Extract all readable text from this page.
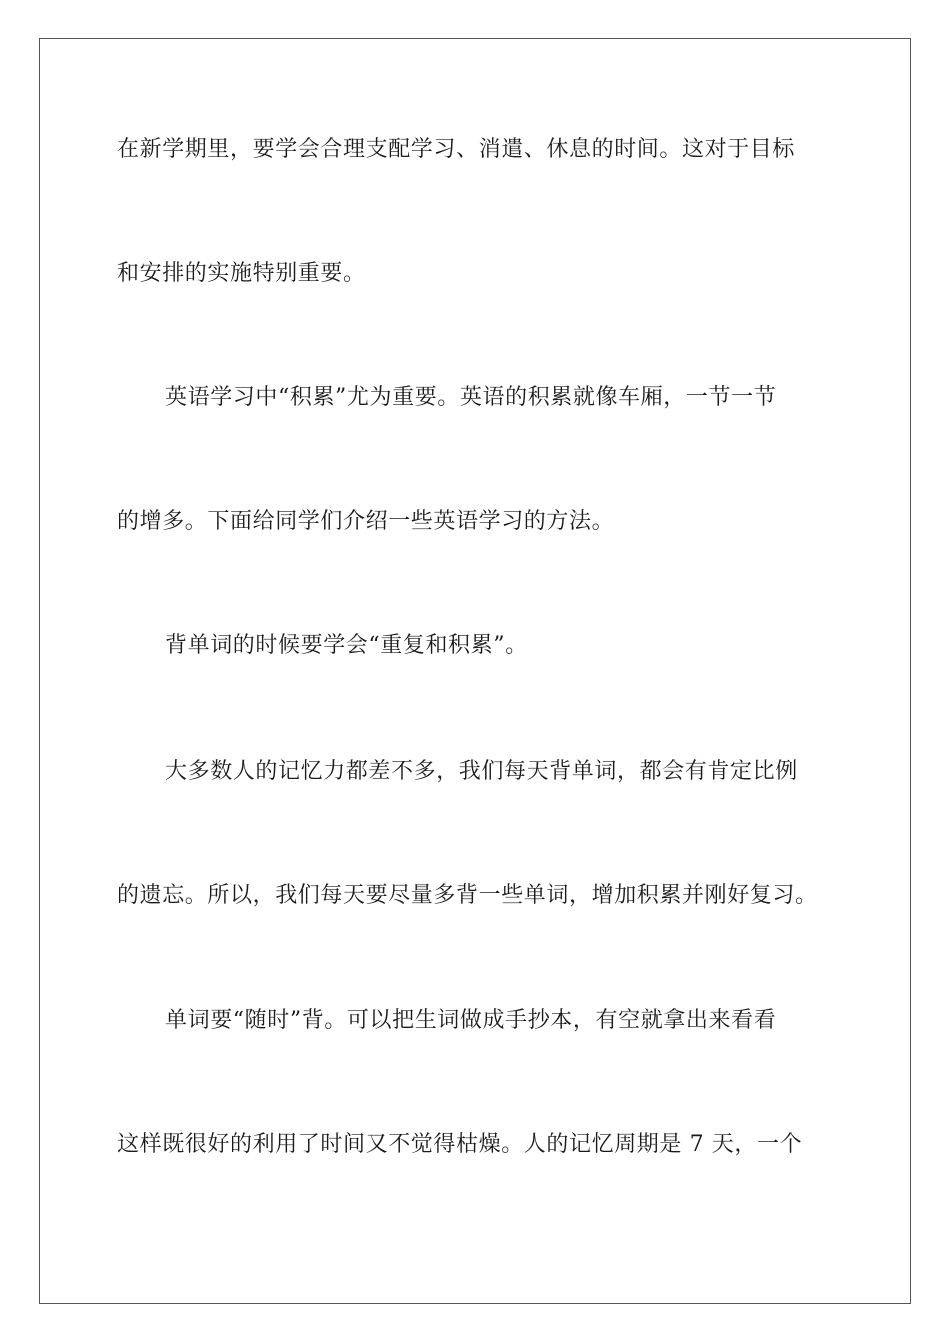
在新学期里，要学会合理支配学习、消遣、休息的时间。这对于目标
和安排的实施特别重要。
英语学习中“积累”尤为重要。英语的积累就像车厢，一节一节
的增多。下面给同学们介绍一些英语学习的方法。
背单词的时候要学会“重复和积累”。
大多数人的记忆力都差不多，我们每天背单词，都会有肯定比例
的遗忘。所以，我们每天要尽量多背一些单词，增加积累并刚好复习。
单词要“随时”背。可以把生词做成手抄本，有空就拿出来看看
这样既很好的利用了时间又不觉得枯燥。人的记忆周期是 7 天，一个
